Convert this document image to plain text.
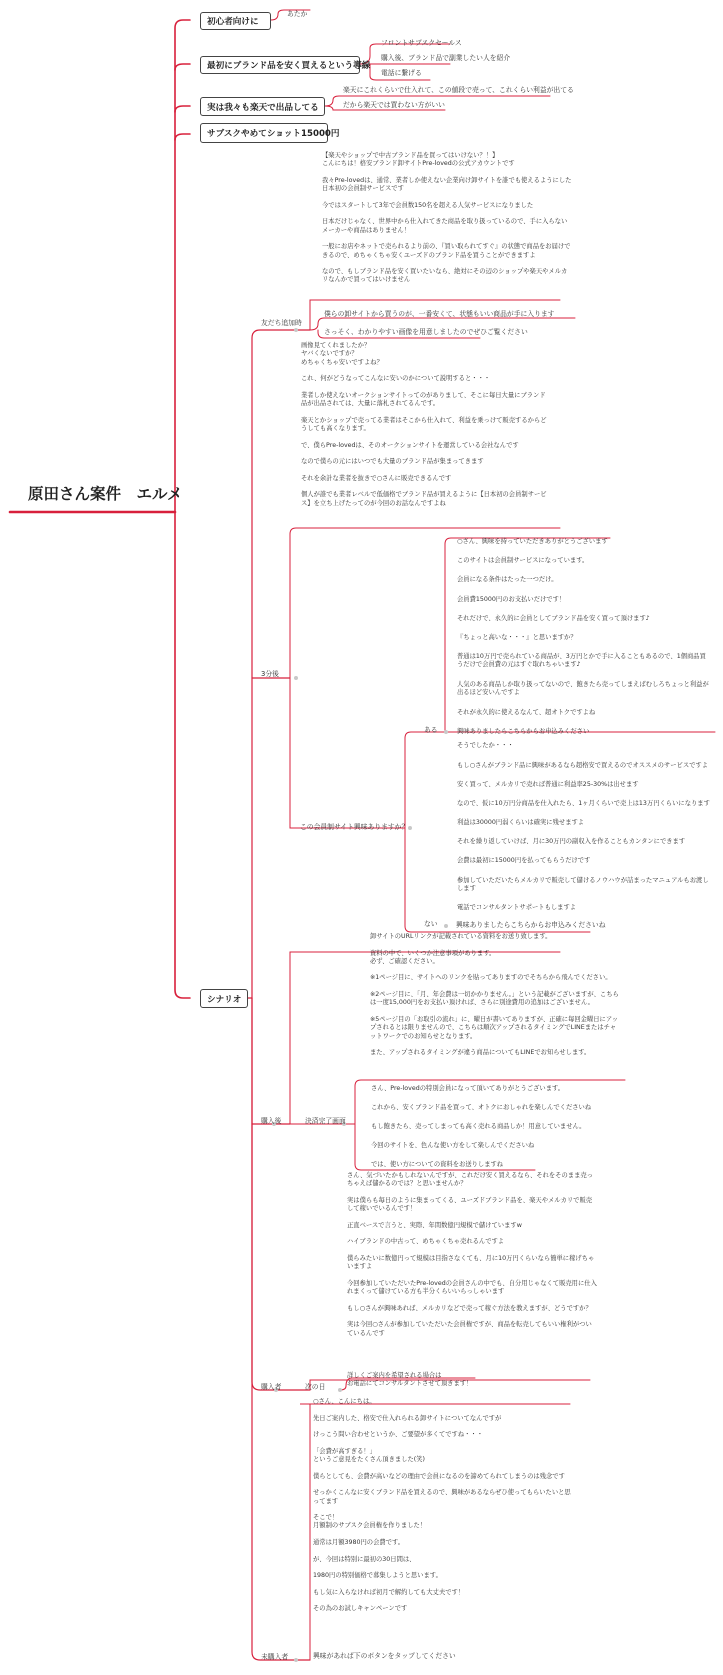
原田さん案件　エルメ
初心者向けに
あたか
最初にブランド品を安く買えるという導線
フロントサブスクセールス
購入後、ブランド品で副業したい人を紹介
電話に繋げる
実は我々も楽天で出品してる
楽天にこれくらいで仕入れて、この値段で売って、これくらい利益が出てる
だから楽天では買わない方がいい
サブスクやめてショット15000円
シナリオ
【楽天やショップで中古ブランド品を買ってはいけない？！】
こんにちは！格安ブランド卸サイトPre-lovedの公式アカウントです

我々Pre-lovedは、通常、業者しか使えない企業向け卸サイトを誰でも使えるようにした日本初の会員制サービスです

今ではスタートして3年で会員数150名を超える人気サービスになりました

日本だけじゃなく、世界中から仕入れてきた商品を取り扱っているので、手に入らないメーカーや商品はありません！

一般にお店やネットで売られるより前の、『買い取られてすぐ』の状態で商品をお届けできるので、めちゃくちゃ安くユーズドのブランド品を買うことができますよ

なので、もしブランド品を安く買いたいなら、絶対にその辺のショップや楽天やメルカリなんかで買ってはいけません
友だち追加時
僕らの卸サイトから買うのが、一番安くて、状態もいい商品が手に入ります
さっそく、わかりやすい画像を用意しましたのでぜひご覧ください
3分後
画像見てくれましたか？
ヤバくないですか？
めちゃくちゃ安いですよね？

これ、何がどうなってこんなに安いのかについて説明すると・・・

業者しか使えないオークションサイトってのがありまして、そこに毎日大量にブランド品が出品されては、大量に落札されてるんです。

楽天とかショップで売ってる業者はそこから仕入れて、利益を乗っけて販売するからどうしても高くなります。

で、僕らPre-lovedは、そのオークションサイトを運営している会社なんです

なので僕らの元にはいつでも大量のブランド品が集まってきます

それを余計な業者を抜きで○さんに販売できるんです

個人が誰でも業者レベルで低価格でブランド品が買えるように【日本初の会員制サービス】を立ち上げたってのが今回のお話なんですよね
この会員制サイト興味ありますか？
ある
ない
○さん、興味を持っていただきありがとうございます
このサイトは会員制サービスになっています。
会員になる条件はたった一つだけ。
会員費15000円のお支払いだけです！
それだけで、永久的に会員としてブランド品を安く買って頂けます♪
『ちょっと高いな・・・』と思いますか？
普通は10万円で売られている商品が、3万円とかで手に入ることもあるので、1個商品買うだけで会員費の元はすぐ取れちゃいます♪
人気のある商品しか取り扱ってないので、飽きたら売ってしまえばむしろちょっと利益が出るほど安いんですよ
それが永久的に使えるなんて、超オトクですよね
興味ありましたらこちらからお申込みください
そうでしたか・・・
もし○さんがブランド品に興味があるなら超格安で買えるのでオススメのサービスですよ
安く買って、メルカリで売れば普通に利益率25-30%は出せます
なので、仮に10万円分商品を仕入れたら、1ヶ月くらいで売上は13万円くらいになります
利益は30000円弱くらいは確実に残せますよ
それを繰り返していけば、月に30万円の副収入を作ることもカンタンにできます
会費は最初に15000円を払ってもらうだけです
参加していただいたらメルカリで販売して儲けるノウハウが詰まったマニュアルもお渡しします
電話でコンサルタントサポートもしますよ
興味ありましたらこちらからお申込みくださいね
購入後	決済完了画面
卸サイトのURLリンクが記載されている資料をお送り致します。

資料の中で、いくつか注意事項があります。
必ず、ご確認ください。

※1ページ目に、サイトへのリンクを貼ってありますのでそちらから飛んでください。

※2ページ目に、「月、年会費は一切かかりません。」という記載がございますが、こちらは一度15,000円をお支払い頂ければ、さらに別途費用の追加はございません。

※5ページ目の「お取引の流れ」に、曜日が書いてありますが、正確に毎回金曜日にアップされるとは限りませんので、こちらは順次アップされるタイミングでLINEまたはチャットワークでのお知らせとなります。

また、アップされるタイミングが違う商品についてもLINEでお知らせします。
さん、Pre-lovedの特別会員になって頂いてありがとうございます。
これから、安くブランド品を買って、オトクにおしゃれを楽しんでくださいね
もし飽きたら、売ってしまっても高く売れる商品しか！用意していません。
今回のサイトを、色んな使い方をして楽しんでくださいね
では、使い方についての資料をお送りしますね
購入者	次の日
さん、気づいたかもしれないんですが、これだけ安く買えるなら、それをそのまま売っちゃえば儲かるのでは？と思いませんか？

実は僕らも毎日のように集まってくる、ユーズドブランド品を、楽天やメルカリで販売して稼いでいるんです！

正直ベースで言うと、実際、年間数億円規模で儲けていますw

ハイブランドの中古って、めちゃくちゃ売れるんですよ

僕らみたいに数億円って規模は目指さなくても、月に10万円くらいなら簡単に稼げちゃいますよ

今回参加していただいたPre-lovedの会員さんの中でも、自分用じゃなくて販売用に仕入れまくって儲けている方も半分くらいいらっしゃいます

もし○さんが興味あれば、メルカリなどで売って稼ぐ方法を教えますが、どうですか？

実は今回○さんが参加していただいた会員権ですが、商品を転売してもいい権利がついているんです
詳しくご案内を希望される場合は
お電話にてコンサルタントさせて頂きます！
未購入者
○さん、こんにちは。

先日ご案内した、格安で仕入れられる卸サイトについてなんですが

けっこう問い合わせというか、ご要望が多くてですね・・・

「会費が高すぎる！」
というご意見をたくさん頂きました(笑)

僕らとしても、会費が高いなどの理由で会員になるのを諦めてられてしまうのは残念です

せっかくこんなに安くブランド品を買えるので、興味があるならぜひ使ってもらいたいと思ってます

そこで！
月額制のサブスク会員権を作りました！

通常は月額3980円の会費です。

が、今回は特別に最初の30日間は、

1980円の特別価格で募集しようと思います。

もし気に入らなければ初月で解約しても大丈夫です！

その為のお試しキャンペーンです
興味があれば下のボタンをタップしてください
